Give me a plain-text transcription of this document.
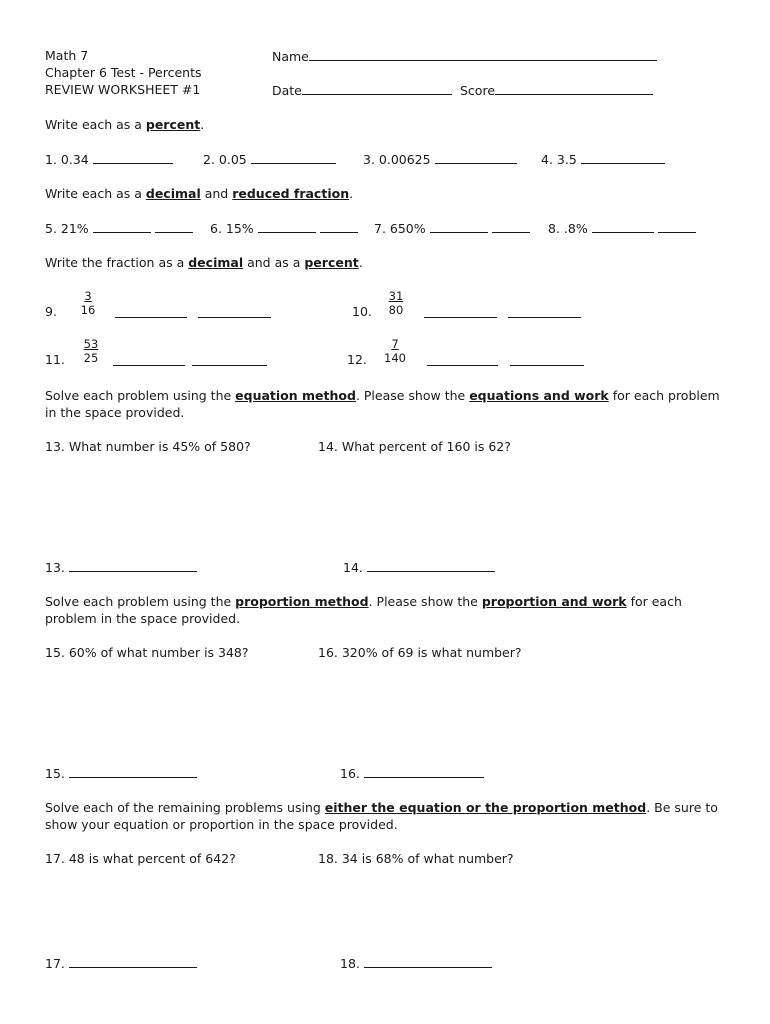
Math 7
Chapter 6 Test - Percents
REVIEW WORKSHEET #1
Name
Date	Score
Write each as a percent.
1. 0.34	2. 0.05	3. 0.00625	4. 3.5
Write each as a decimal and reduced fraction.
5. 21%	6. 15%	7. 650%	8. .8%
Write the fraction as a decimal and as a percent.
9. $\frac{3}{16}$	10. $\frac{31}{80}$
11. $\frac{53}{25}$	12. $\frac{7}{140}$
Solve each problem using the equation method. Please show the equations and work for each problem in the space provided.
13. What number is 45% of 580?	14. What percent of 160 is 62?
13.	14.
Solve each problem using the proportion method. Please show the proportion and work for each problem in the space provided.
15. 60% of what number is 348?	16. 320% of 69 is what number?
15.	16.
Solve each of the remaining problems using either the equation or the proportion method. Be sure to show your equation or proportion in the space provided.
17. 48 is what percent of 642?	18. 34 is 68% of what number?
17.	18.
